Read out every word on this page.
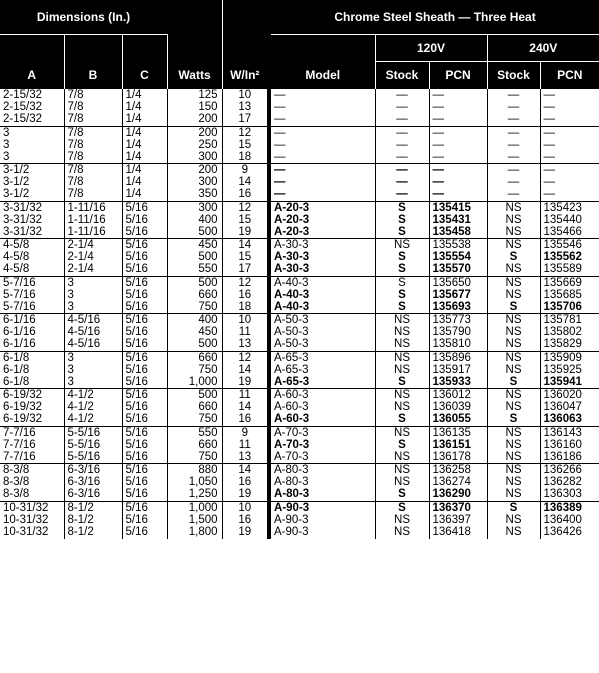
Dimensions (In.)						Chrome Steel Sheath — Three Heat				
							120V		240V	
A	B	C	Watts	W/In²		Model	Stock	PCN	Stock	PCN
2-15/32	7/8	1/4	125	10		—	—	—	—	—
2-15/32	7/8	1/4	150	13		—	—	—	—	—
2-15/32	7/8	1/4	200	17		—	—	—	—	—
3	7/8	1/4	200	12		—	—	—	—	—
3	7/8	1/4	250	15		—	—	—	—	—
3	7/8	1/4	300	18		—	—	—	—	—
3-1/2	7/8	1/4	200	9		—	—	—	—	—
3-1/2	7/8	1/4	300	14		—	—	—	—	—
3-1/2	7/8	1/4	350	16		—	—	—	—	—
3-31/32	1-11/16	5/16	300	12		A-20-3	S	135415	NS	135423
3-31/32	1-11/16	5/16	400	15		A-20-3	S	135431	NS	135440
3-31/32	1-11/16	5/16	500	19		A-20-3	S	135458	NS	135466
4-5/8	2-1/4	5/16	450	14		A-30-3	NS	135538	NS	135546
4-5/8	2-1/4	5/16	500	15		A-30-3	S	135554	S	135562
4-5/8	2-1/4	5/16	550	17		A-30-3	S	135570	NS	135589
5-7/16	3	5/16	500	12		A-40-3	S	135650	NS	135669
5-7/16	3	5/16	660	16		A-40-3	S	135677	NS	135685
5-7/16	3	5/16	750	18		A-40-3	S	135693	S	135706
6-1/16	4-5/16	5/16	400	10		A-50-3	NS	135773	NS	135781
6-1/16	4-5/16	5/16	450	11		A-50-3	NS	135790	NS	135802
6-1/16	4-5/16	5/16	500	13		A-50-3	NS	135810	NS	135829
6-1/8	3	5/16	660	12		A-65-3	NS	135896	NS	135909
6-1/8	3	5/16	750	14		A-65-3	NS	135917	NS	135925
6-1/8	3	5/16	1,000	19		A-65-3	S	135933	S	135941
6-19/32	4-1/2	5/16	500	11		A-60-3	NS	136012	NS	136020
6-19/32	4-1/2	5/16	660	14		A-60-3	NS	136039	NS	136047
6-19/32	4-1/2	5/16	750	16		A-60-3	S	136055	S	136063
7-7/16	5-5/16	5/16	550	9		A-70-3	NS	136135	NS	136143
7-7/16	5-5/16	5/16	660	11		A-70-3	S	136151	NS	136160
7-7/16	5-5/16	5/16	750	13		A-70-3	NS	136178	NS	136186
8-3/8	6-3/16	5/16	880	14		A-80-3	NS	136258	NS	136266
8-3/8	6-3/16	5/16	1,050	16		A-80-3	NS	136274	NS	136282
8-3/8	6-3/16	5/16	1,250	19		A-80-3	S	136290	NS	136303
10-31/32	8-1/2	5/16	1,000	10		A-90-3	S	136370	S	136389
10-31/32	8-1/2	5/16	1,500	16		A-90-3	NS	136397	NS	136400
10-31/32	8-1/2	5/16	1,800	19		A-90-3	NS	136418	NS	136426
